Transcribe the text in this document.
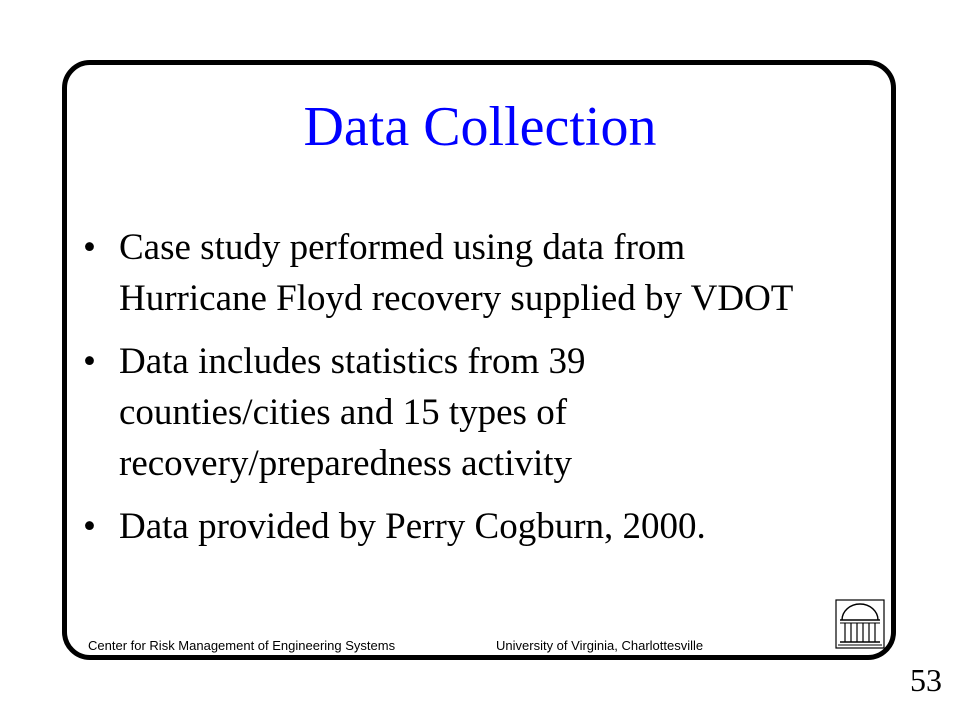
Data Collection
• Case study performed using data from Hurricane Floyd recovery supplied by VDOT
• Data includes statistics from 39 counties/cities and 15 types of recovery/preparedness activity
• Data provided by Perry Cogburn, 2000.
Center for Risk Management of Engineering Systems	University of Virginia, Charlottesville
53
